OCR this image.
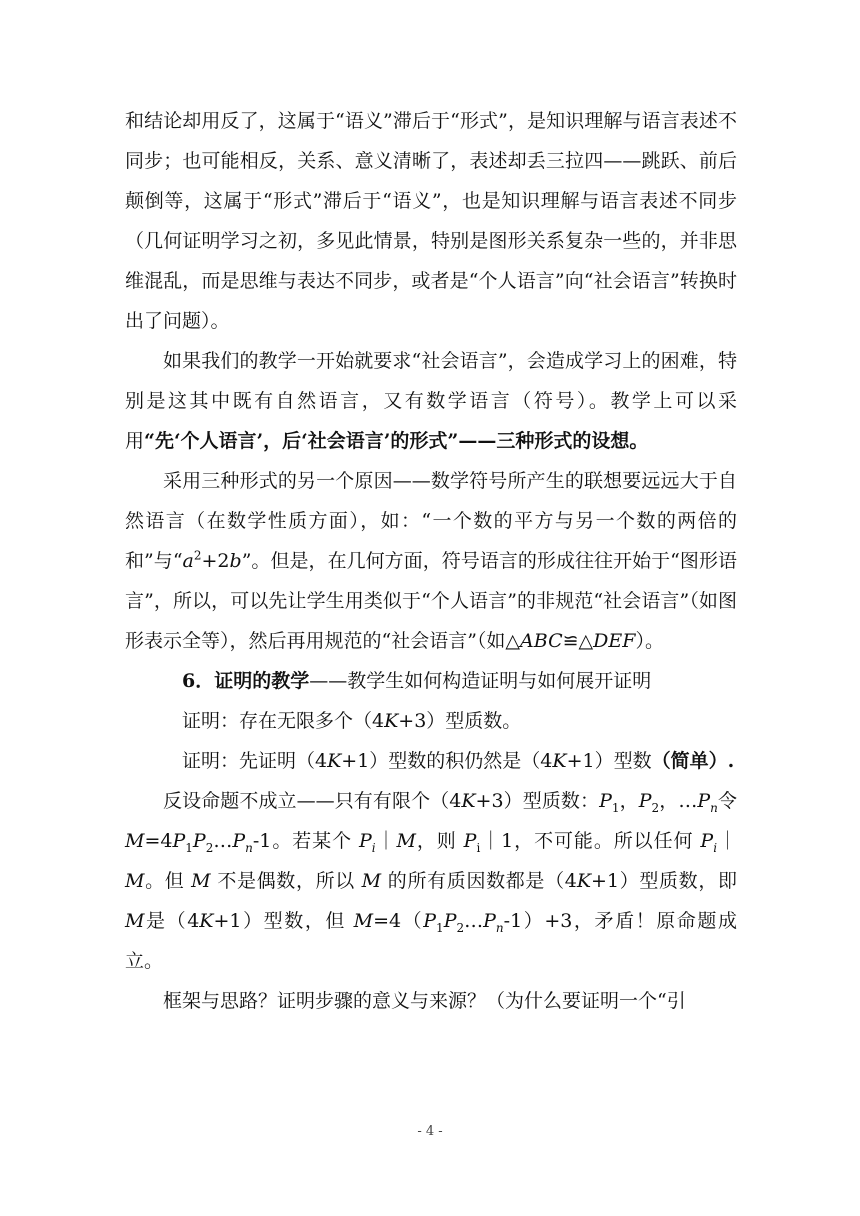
和结论却用反了，这属于“语义”滞后于“形式”，是知识理解与语言表述不同步；也可能相反，关系、意义清晰了，表述却丢三拉四——跳跃、前后颠倒等，这属于“形式”滞后于“语义”，也是知识理解与语言表述不同步（几何证明学习之初，多见此情景，特别是图形关系复杂一些的，并非思维混乱，而是思维与表达不同步，或者是“个人语言”向“社会语言”转换时出了问题）。

如果我们的教学一开始就要求“社会语言”，会造成学习上的困难，特别是这其中既有自然语言，又有数学语言（符号）。教学上可以采用“先‘个人语言’，后‘社会语言’的形式”——三种形式的设想。

采用三种形式的另一个原因——数学符号所产生的联想要远远大于自然语言（在数学性质方面），如：“一个数的平方与另一个数的两倍的和”与“$a^2+2b$”。但是，在几何方面，符号语言的形成往往开始于“图形语言”，所以，可以先让学生用类似于“个人语言”的非规范“社会语言”（如图形表示全等），然后再用规范的“社会语言”（如△ABC≌△DEF）。

6．证明的教学——教学生如何构造证明与如何展开证明

证明：存在无限多个（4K+3）型质数。

证明：先证明（4K+1）型数的积仍然是（4K+1）型数（简单）.

反设命题不成立——只有有限个（4K+3）型质数：$P_1$，$P_2$，$\dots P_n$令 $M=4P_1P_2\dots P_n-1$。若某个 $P_i|M$，则 $P_i|1$，不可能。所以任何 $P_i|M$。但 M 不是偶数，所以 M 的所有质因数都是（4K+1）型质数，即 M是（4K+1）型数，但 $M=4(P_1P_2\dots P_n-1)+3$，矛盾！原命题成立。

框架与思路？证明步骤的意义与来源？（为什么要证明一个“引

- 4 -
